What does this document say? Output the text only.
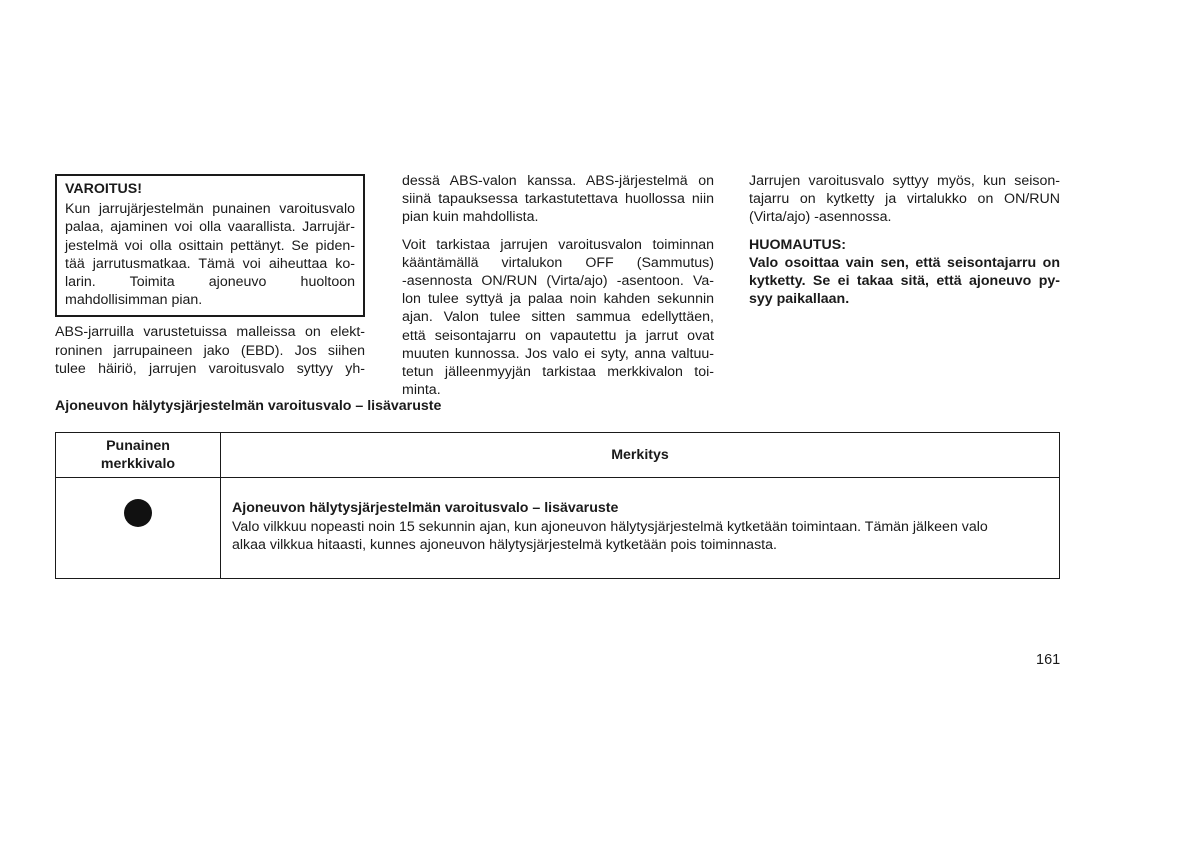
VAROITUS!
Kun jarrujärjestelmän punainen varoitusvalo
palaa, ajaminen voi olla vaarallista. Jarrujär-
jestelmä voi olla osittain pettänyt. Se piden-
tää jarrutusmatkaa. Tämä voi aiheuttaa ko-
larin. Toimita ajoneuvo huoltoon
mahdollisimman pian.
ABS-jarruilla varustetuissa malleissa on elekt-
roninen jarrupaineen jako (EBD). Jos siihen
tulee häiriö, jarrujen varoitusvalo syttyy yh-
dessä ABS-valon kanssa. ABS-järjestelmä on
siinä tapauksessa tarkastutettava huollossa niin
pian kuin mahdollista.
Voit tarkistaa jarrujen varoitusvalon toiminnan
kääntämällä virtalukon OFF (Sammutus)
-asennosta ON/RUN (Virta/ajo) -asentoon. Va-
lon tulee syttyä ja palaa noin kahden sekunnin
ajan. Valon tulee sitten sammua edellyttäen,
että seisontajarru on vapautettu ja jarrut ovat
muuten kunnossa. Jos valo ei syty, anna valtuu-
tetun jälleenmyyjän tarkistaa merkkivalon toi-
minta.
Jarrujen varoitusvalo syttyy myös, kun seison-
tajarru on kytketty ja virtalukko on ON/RUN
(Virta/ajo) -asennossa.
HUOMAUTUS:
Valo osoittaa vain sen, että seisontajarru on
kytketty. Se ei takaa sitä, että ajoneuvo py-
syy paikallaan.
Ajoneuvon hälytysjärjestelmän varoitusvalo – lisävaruste
Punainen
merkkivalo	Merkitys

	Ajoneuvon hälytysjärjestelmän varoitusvalo – lisävaruste
Valo vilkkuu nopeasti noin 15 sekunnin ajan, kun ajoneuvon hälytysjärjestelmä kytketään toimintaan. Tämän jälkeen valo
alkaa vilkkua hitaasti, kunnes ajoneuvon hälytysjärjestelmä kytketään pois toiminnasta.
161
